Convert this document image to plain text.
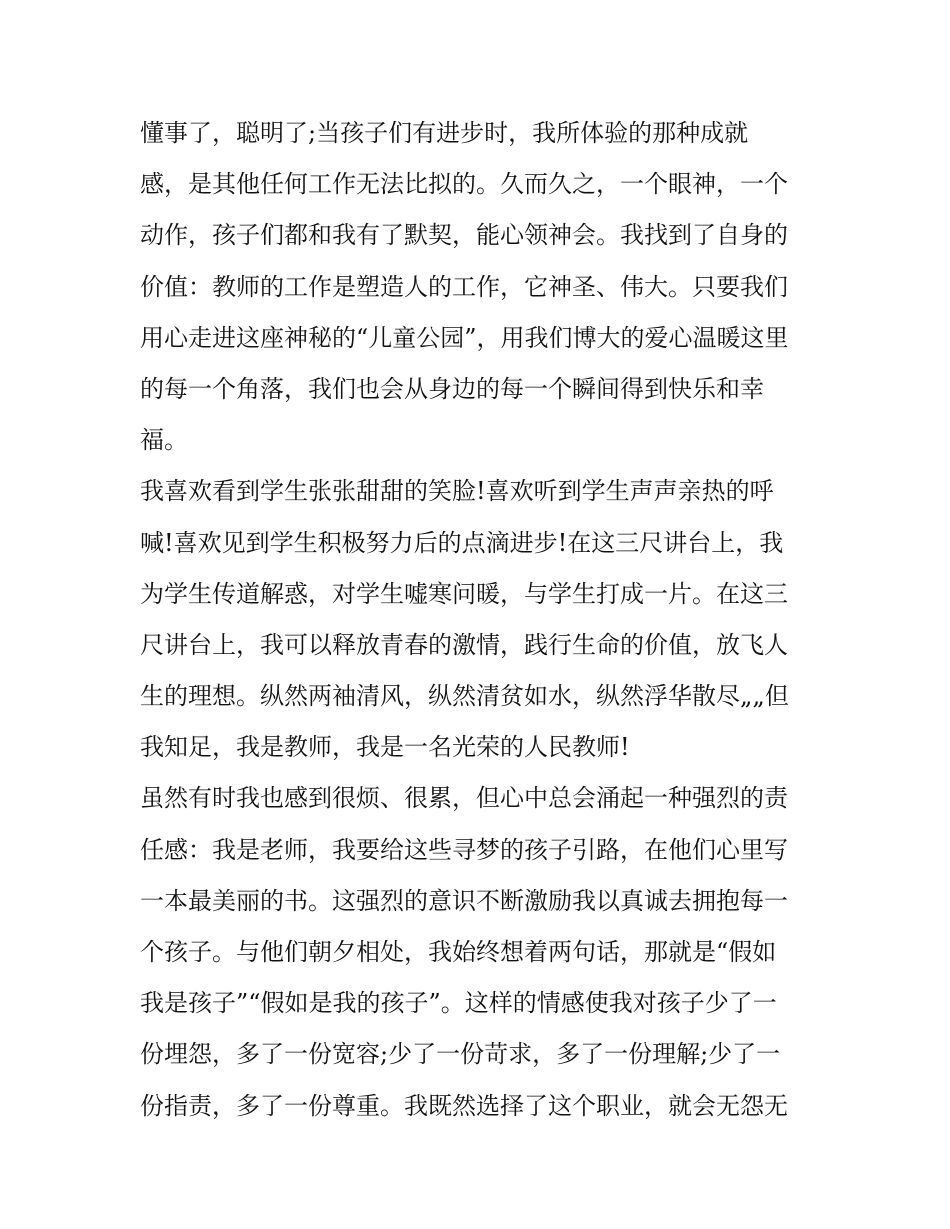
懂事了，聪明了;当孩子们有进步时，我所体验的那种成就
感，是其他任何工作无法比拟的。久而久之，一个眼神，一个
动作，孩子们都和我有了默契，能心领神会。我找到了自身的
价值：教师的工作是塑造人的工作，它神圣、伟大。只要我们
用心走进这座神秘的“儿童公园”，用我们博大的爱心温暖这里
的每一个角落，我们也会从身边的每一个瞬间得到快乐和幸
福。
我喜欢看到学生张张甜甜的笑脸!喜欢听到学生声声亲热的呼
喊!喜欢见到学生积极努力后的点滴进步!在这三尺讲台上，我
为学生传道解惑，对学生嘘寒问暖，与学生打成一片。在这三
尺讲台上，我可以释放青春的激情，践行生命的价值，放飞人
生的理想。纵然两袖清风，纵然清贫如水，纵然浮华散尽„„但
我知足，我是教师，我是一名光荣的人民教师!
虽然有时我也感到很烦、很累，但心中总会涌起一种强烈的责
任感：我是老师，我要给这些寻梦的孩子引路，在他们心里写
一本最美丽的书。这强烈的意识不断激励我以真诚去拥抱每一
个孩子。与他们朝夕相处，我始终想着两句话，那就是“假如
我是孩子”“假如是我的孩子”。这样的情感使我对孩子少了一
份埋怨，多了一份宽容;少了一份苛求，多了一份理解;少了一
份指责，多了一份尊重。我既然选择了这个职业，就会无怨无
